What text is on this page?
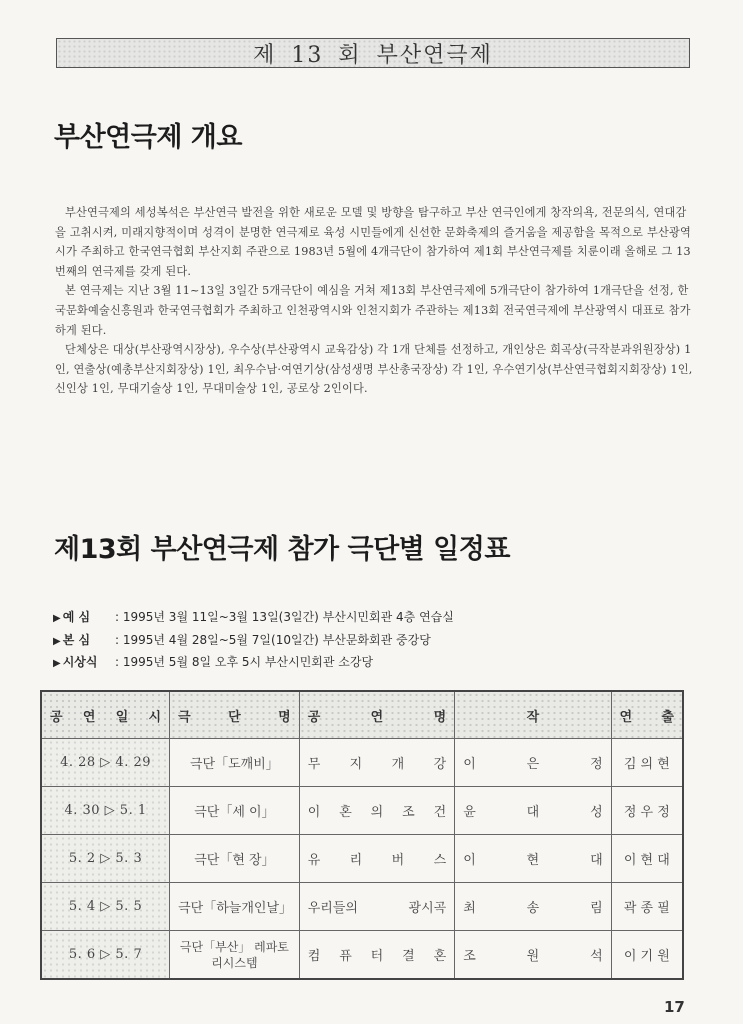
제 13 회 부산연극제
부산연극제 개요

부산연극제의 세성복석은 부산연극 발전을 위한 새로운 모델 및 방향을 탐구하고 부산 연극인에게 창작의욕, 전문의식, 연대감을 고취시켜, 미래지향적이며 성격이 분명한 연극제로 육성 시민들에게 신선한 문화축제의 즐거움을 제공함을 목적으로 부산광역시가 주최하고 한국연극협회 부산지회 주관으로 1983년 5월에 4개극단이 참가하여 제1회 부산연극제를 치룬이래 올해로 그 13번째의 연극제를 갖게 된다.

본 연극제는 지난 3월 11~13일 3일간 5개극단이 예심을 거쳐 제13회 부산연극제에 5개극단이 참가하여 1개극단을 선정, 한국문화예술신흥원과 한국연극협회가 주최하고 인천광역시와 인천지회가 주관하는 제13회 전국연극제에 부산광역시 대표로 참가하게 된다.

단체상은 대상(부산광역시장상), 우수상(부산광역시 교육감상) 각 1개 단체를 선정하고, 개인상은 희곡상(극작분과위원장상) 1인, 연출상(예총부산지회장상) 1인, 최우수남·여연기상(삼성생명 부산총국장상) 각 1인, 우수연기상(부산연극협회지회장상) 1인, 신인상 1인, 무대기술상 1인, 무대미술상 1인, 공로상 2인이다.

제13회 부산연극제 참가 극단별 일정표
▶ 예 심	: 1995년 3월 11일~3월 13일(3일간) 부산시민회관 4층 연습실
▶ 본 심	: 1995년 4월 28일~5월 7일(10일간) 부산문화회관 중강당
▶ 시상식	: 1995년 5월 8일 오후 5시 부산시민회관 소강당
공 연 일 시	극 단 명	공 연 명	작	연 출
4. 28 ▷ 4. 29	극단「도깨비」	무 지 개 강	이 은 정	김 의 현
4. 30 ▷ 5. 1	극단「세 이」	이 혼 의 조 건	윤 대 성	정 우 정
5. 2 ▷ 5. 3	극단「현 장」	유 리 버 스	이 현 대	이 현 대
5. 4 ▷ 5. 5	극단「하늘개인날」	우리들의 광시곡	최 송 림	곽 종 필
5. 6 ▷ 5. 7	극단「부산」 레파토리시스템	컴 퓨 터 결 혼	조 원 석	이 기 원
17
